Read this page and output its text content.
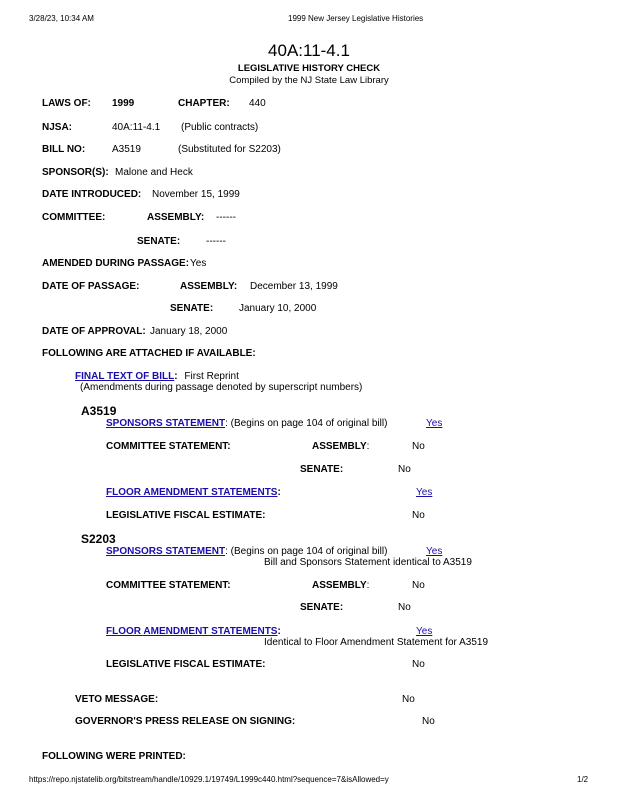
3/28/23, 10:34 AM	1999 New Jersey Legislative Histories
40A:11-4.1
LEGISLATIVE HISTORY CHECK
Compiled by the NJ State Law Library
LAWS OF: 1999	CHAPTER: 440
NJSA:	40A:11-4.1 (Public contracts)
BILL NO:	A3519	(Substituted for S2203)
SPONSOR(S): Malone and Heck
DATE INTRODUCED: November 15, 1999
COMMITTEE:	ASSEMBLY: ------
SENATE:	------
AMENDED DURING PASSAGE: Yes
DATE OF PASSAGE:	ASSEMBLY: December 13, 1999
SENATE:	January 10, 2000
DATE OF APPROVAL: January 18, 2000
FOLLOWING ARE ATTACHED IF AVAILABLE:
FINAL TEXT OF BILL: First Reprint
(Amendments during passage denoted by superscript numbers)
A3519
SPONSORS STATEMENT: (Begins on page 104 of original bill)	Yes
COMMITTEE STATEMENT:	ASSEMBLY:	No
SENATE:	No
FLOOR AMENDMENT STATEMENTS:	Yes
LEGISLATIVE FISCAL ESTIMATE:	No
S2203
SPONSORS STATEMENT: (Begins on page 104 of original bill)	Yes
Bill and Sponsors Statement identical to A3519
COMMITTEE STATEMENT:	ASSEMBLY:	No
SENATE:	No
FLOOR AMENDMENT STATEMENTS:	Yes
Identical to Floor Amendment Statement for A3519
LEGISLATIVE FISCAL ESTIMATE:	No
VETO MESSAGE:	No
GOVERNOR'S PRESS RELEASE ON SIGNING:	No
FOLLOWING WERE PRINTED:
https://repo.njstatelib.org/bitstream/handle/10929.1/19749/L1999c440.html?sequence=7&isAllowed=y	1/2
